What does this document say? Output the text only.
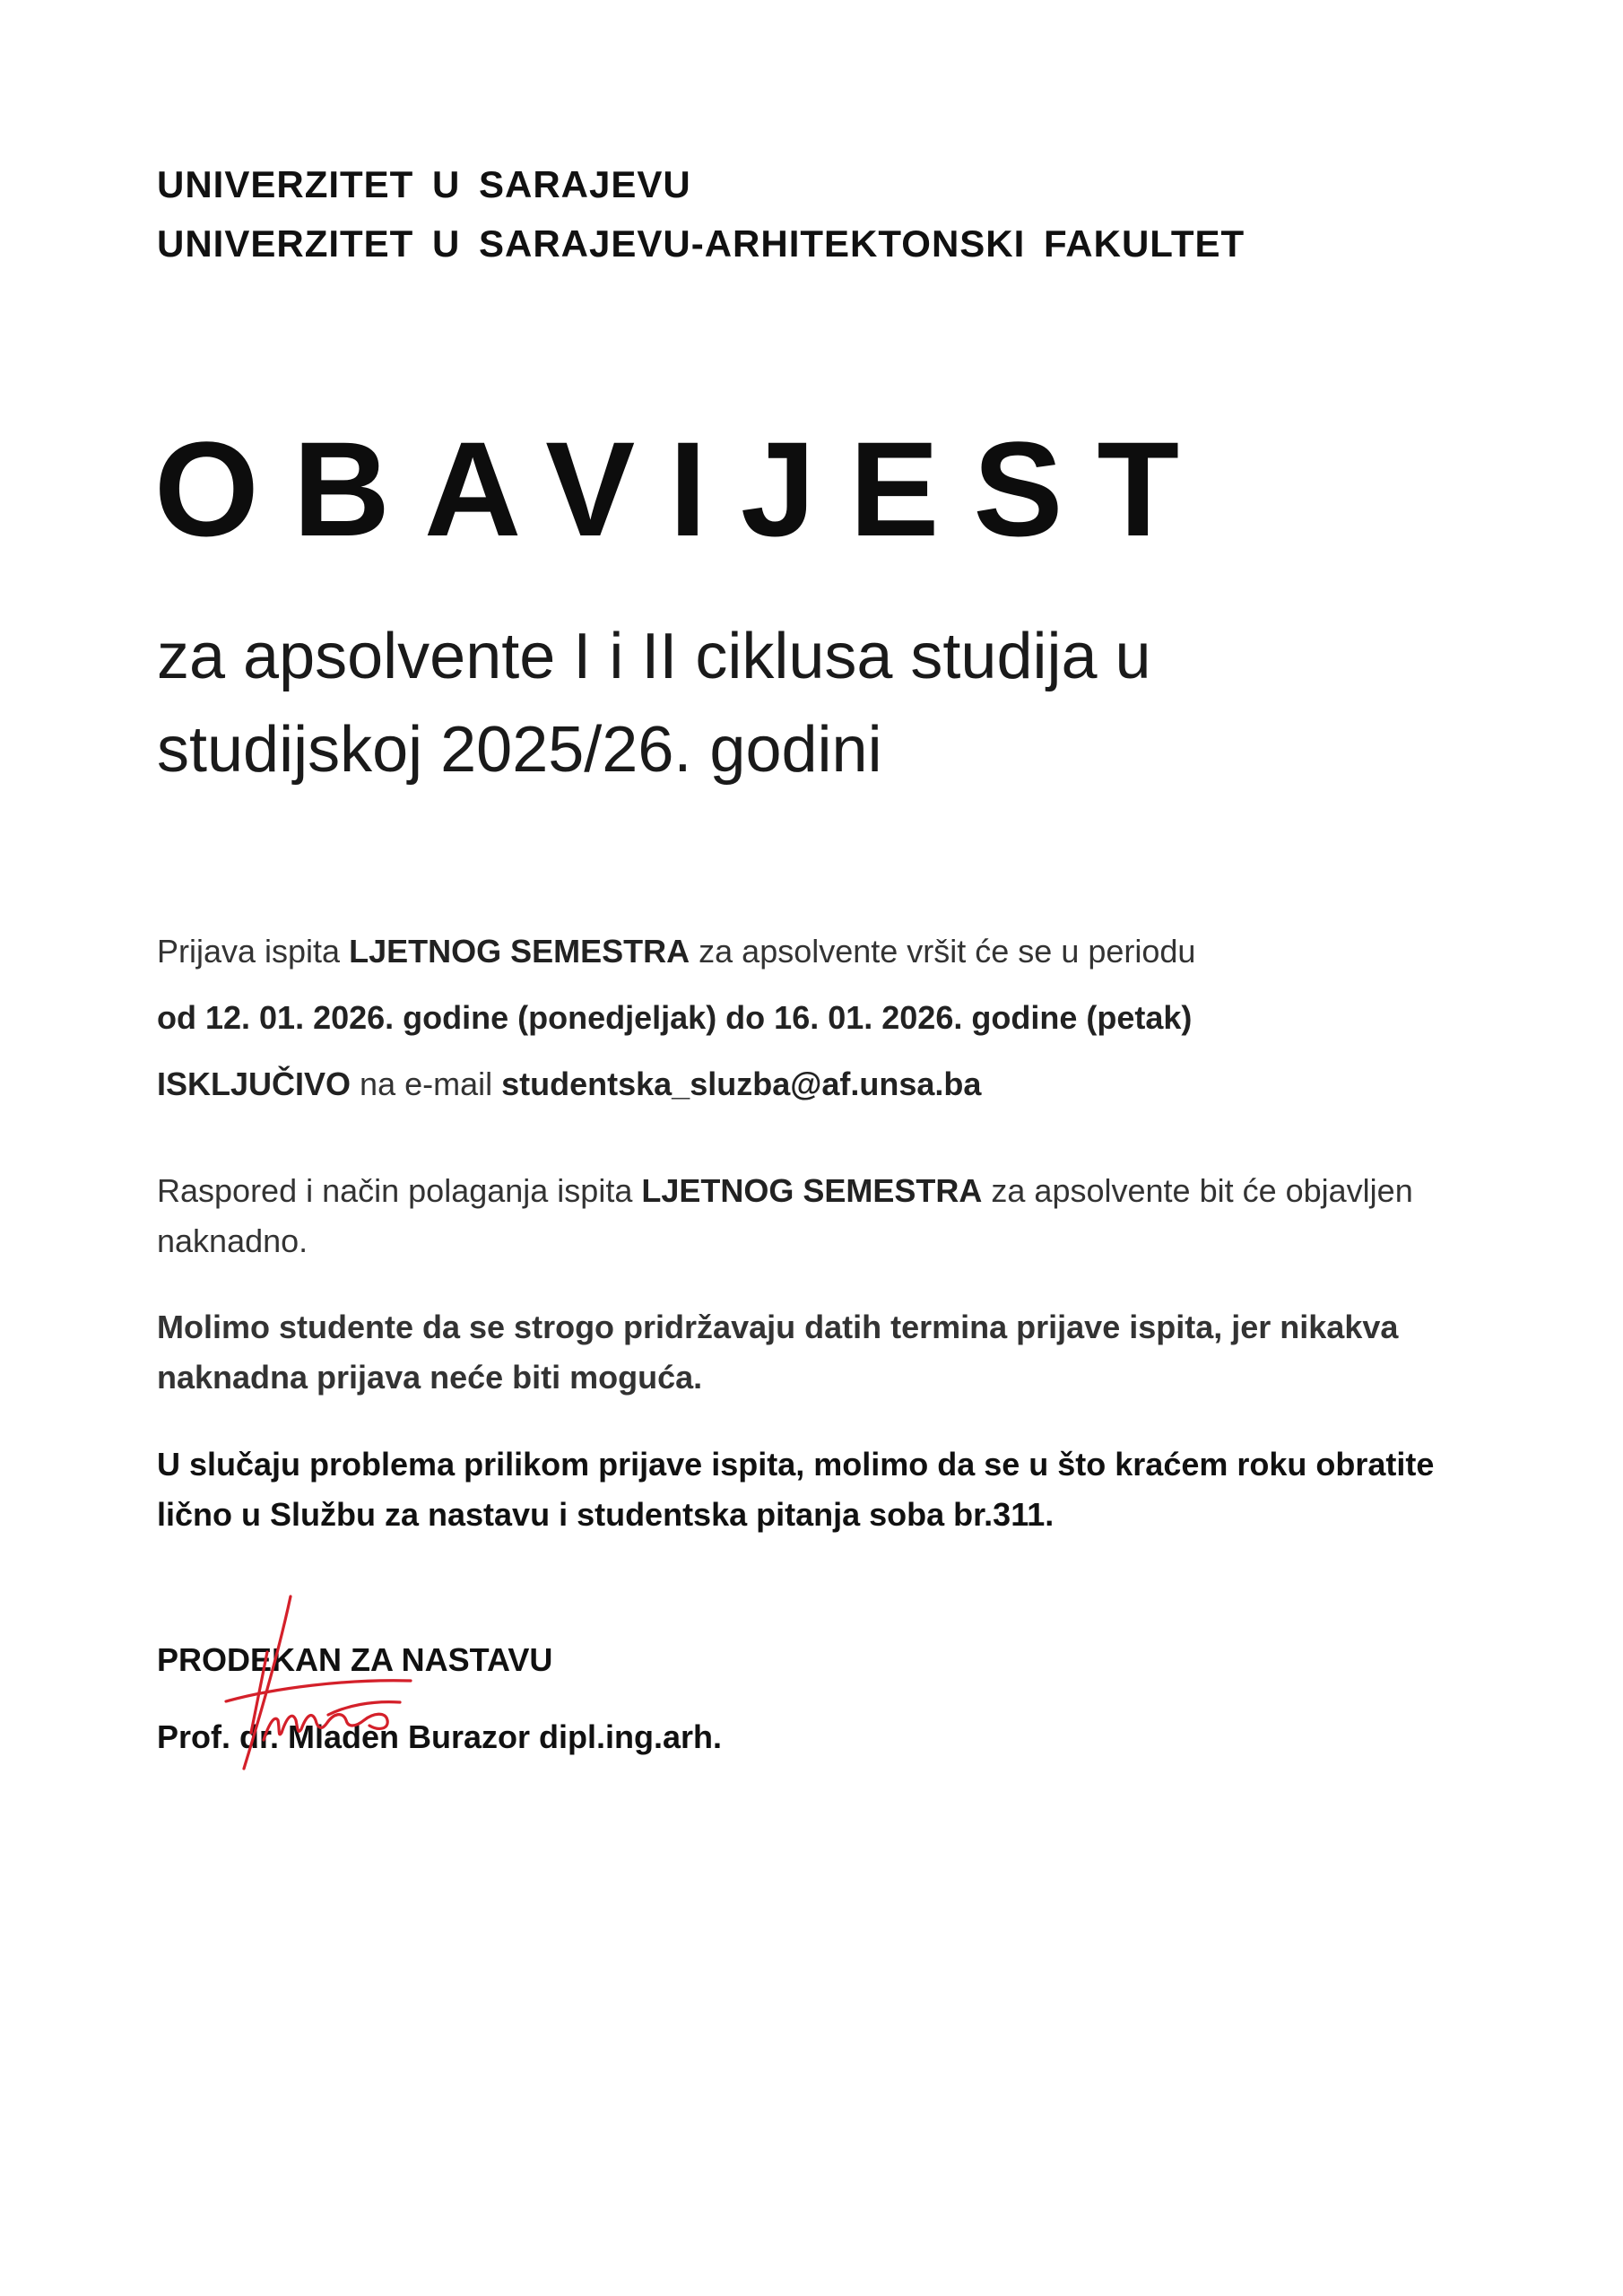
UNIVERZITET U SARAJEVU
UNIVERZITET U SARAJEVU-ARHITEKTONSKI FAKULTET
OBAVIJEST
za apsolvente I i II ciklusa studija u
studijskoj 2025/26. godini
Prijava ispita LJETNOG SEMESTRA za apsolvente vršit će se u periodu
od 12. 01. 2026. godine (ponedjeljak) do 16. 01. 2026. godine (petak)
ISKLJUČIVO na e-mail studentska_sluzba@af.unsa.ba
Raspored i način polaganja ispita LJETNOG SEMESTRA za apsolvente bit će objavljen
naknadno.
Molimo studente da se strogo pridržavaju datih termina prijave ispita, jer nikakva
naknadna prijava neće biti moguća.
U slučaju problema prilikom prijave ispita, molimo da se u što kraćem roku obratite
lično u Službu za nastavu i studentska pitanja soba br.311.
PRODEKAN ZA NASTAVU
Prof. dr. Mladen Burazor dipl.ing.arh.
